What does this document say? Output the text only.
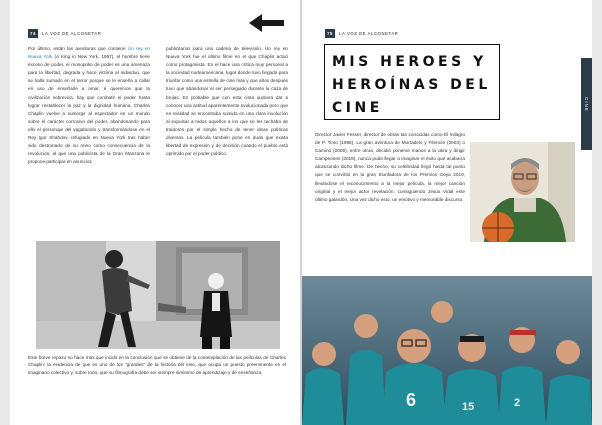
74	LA VOZ DE ALCONETAR

Por último, están las aventuras que contiene Un rey en Nueva York (A King in New York, 1957), el hombre tiene exceso de poder, el monopolio de poder es una amenaza para la libertad, degrada y hace víctima al individuo, que se halla sumado en el terror porque se le enseña a callar en uso de enseñarle a amar, é queremos que la civilización sobreviva, hay que combatir el poder hasta lograr restablecer la paz y la dignidad humana. Charles Chaplin vuelve a sumergir al espectador en un mundo sobre el carácter corrosivo del poder, abandonando para ello el personaje del vagabundo y transformándose en el Rey Igor Shahdov, refugiado en Nueva York tras haber sido destronado de su reino como consecuencia de la revolución, al que una publicista de la Gran Manzana le propone participar en anuncios

publicitarios para una cadena de televisión. Un rey en Nueva York fue el último filme en el que Chaplin actuó como protagonista. En el hace una crítica muy personal a la sociedad norteamericana, lugar donde tuvo llegado para triunfar como una estrella de cine más y que años después tuvo que abandonar al ser perseguido durante la caza de brujas. Es probable que con esta cinta quisiera dar a conocer una actitud aparentemente evolucionada pero que en realidad se encontraba sumida en una clara involución al expulsar a todos aquellos a los que se les tachaba de traidores por el simple hecho de tener ideas políticas diversas. La película también pone en duda que exista libertad de expresión y de decisión cuando el pueblo está oprimido por el poder político.

Este breve repaso no hace más que incidir en la conclusión que se obtiene de la contemplación de las películas de Charles Chaplin: la evidencia de que es uno de los "grandes" de la historia del cine, que ocupa un puesto preeminente en el imaginario colectivo y, sobre todo, que su filmografía debe ser siempre sinónimo de aprendizaje y de enseñanza.

75	LA VOZ DE ALCONETAR
MIS HEROES Y HEROÍNAS DEL CINE	CINE

Director Javier Fesser, director de obras tan conocidas como El milagro de P. Tinto (1998), La gran aventura de Mortadelo y Filemón (2003) o Camino (2008), entre otras, decidió ponerse manos a la obra y dirigir Campeones (2018), nunca pudo llegar a imaginar el éxito que acabaría alcanzando dicho filme. De hecho, su celebridad llegó hasta tal punto que se convirtió en la gran triunfadora de los Premios Goya 2019, llevándose el reconocimiento a la mejor película, la mejor canción original y el mejor actor revelación, consiguiendo Jesús Vidal este último galardón. Una vez dicho esto, un emotivo y memorable discurso.

6	15	2
